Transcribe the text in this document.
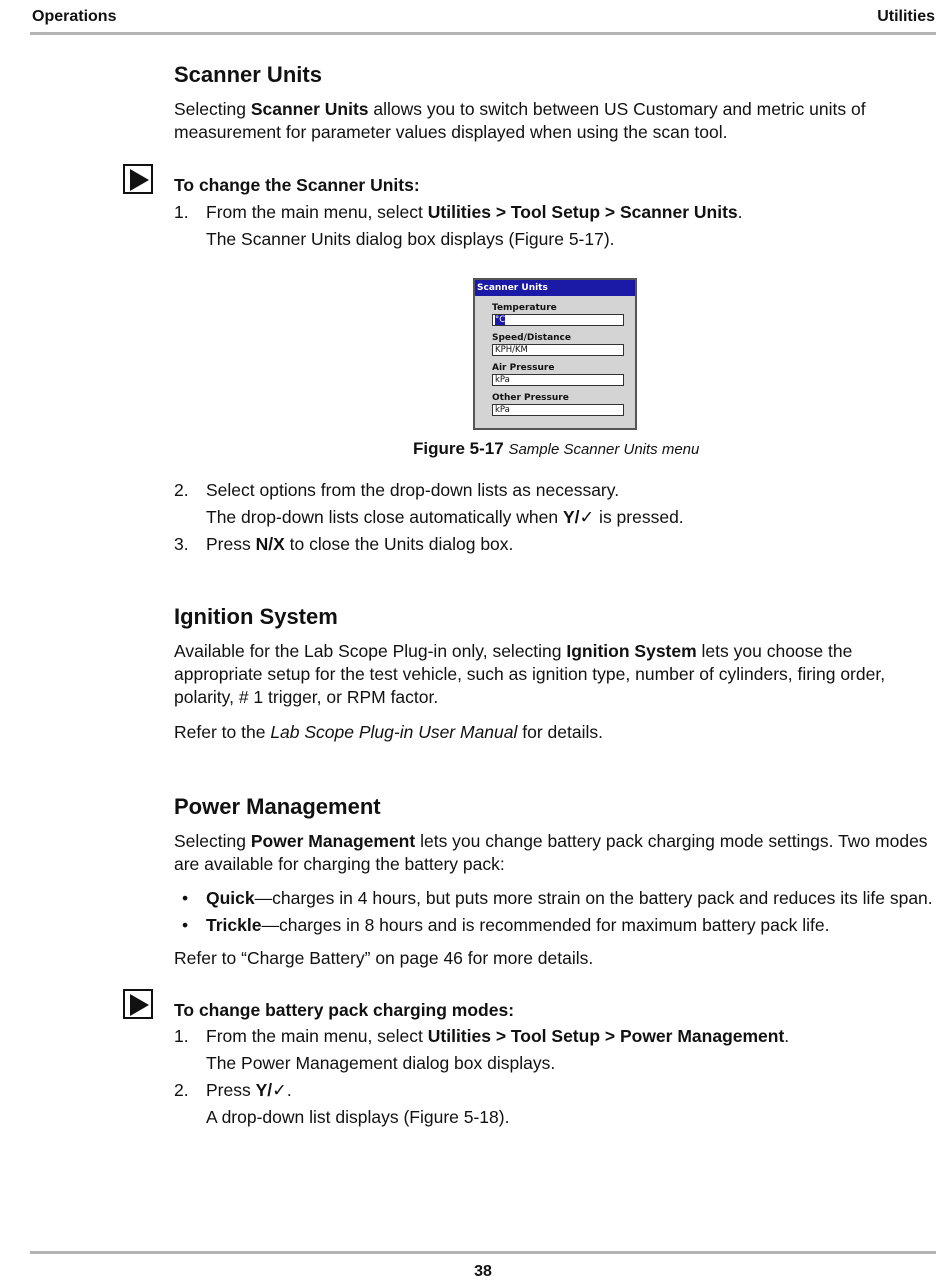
Operations	Utilities
Scanner Units
Selecting Scanner Units allows you to switch between US Customary and metric units of
measurement for parameter values displayed when using the scan tool.
To change the Scanner Units:
1. From the main menu, select Utilities > Tool Setup > Scanner Units.
The Scanner Units dialog box displays (Figure 5-17).
2. Select options from the drop-down lists as necessary.
The drop-down lists close automatically when Y/✓ is pressed.
3. Press N/X to close the Units dialog box.
Ignition System
Available for the Lab Scope Plug-in only, selecting Ignition System lets you choose the
appropriate setup for the test vehicle, such as ignition type, number of cylinders, firing order,
polarity, # 1 trigger, or RPM factor.
Refer to the Lab Scope Plug-in User Manual for details.
Power Management
Selecting Power Management lets you change battery pack charging mode settings. Two modes
are available for charging the battery pack:
• Quick—charges in 4 hours, but puts more strain on the battery pack and reduces its life span.
• Trickle—charges in 8 hours and is recommended for maximum battery pack life.
Refer to “Charge Battery” on page 46 for more details.
To change battery pack charging modes:
1. From the main menu, select Utilities > Tool Setup > Power Management.
The Power Management dialog box displays.
2. Press Y/✓.
A drop-down list displays (Figure 5-18).
Scanner Units
Temperature
°C
Speed/Distance
KPH/KM
Air Pressure
kPa
Other Pressure
kPa
Figure 5-17 Sample Scanner Units menu
38
